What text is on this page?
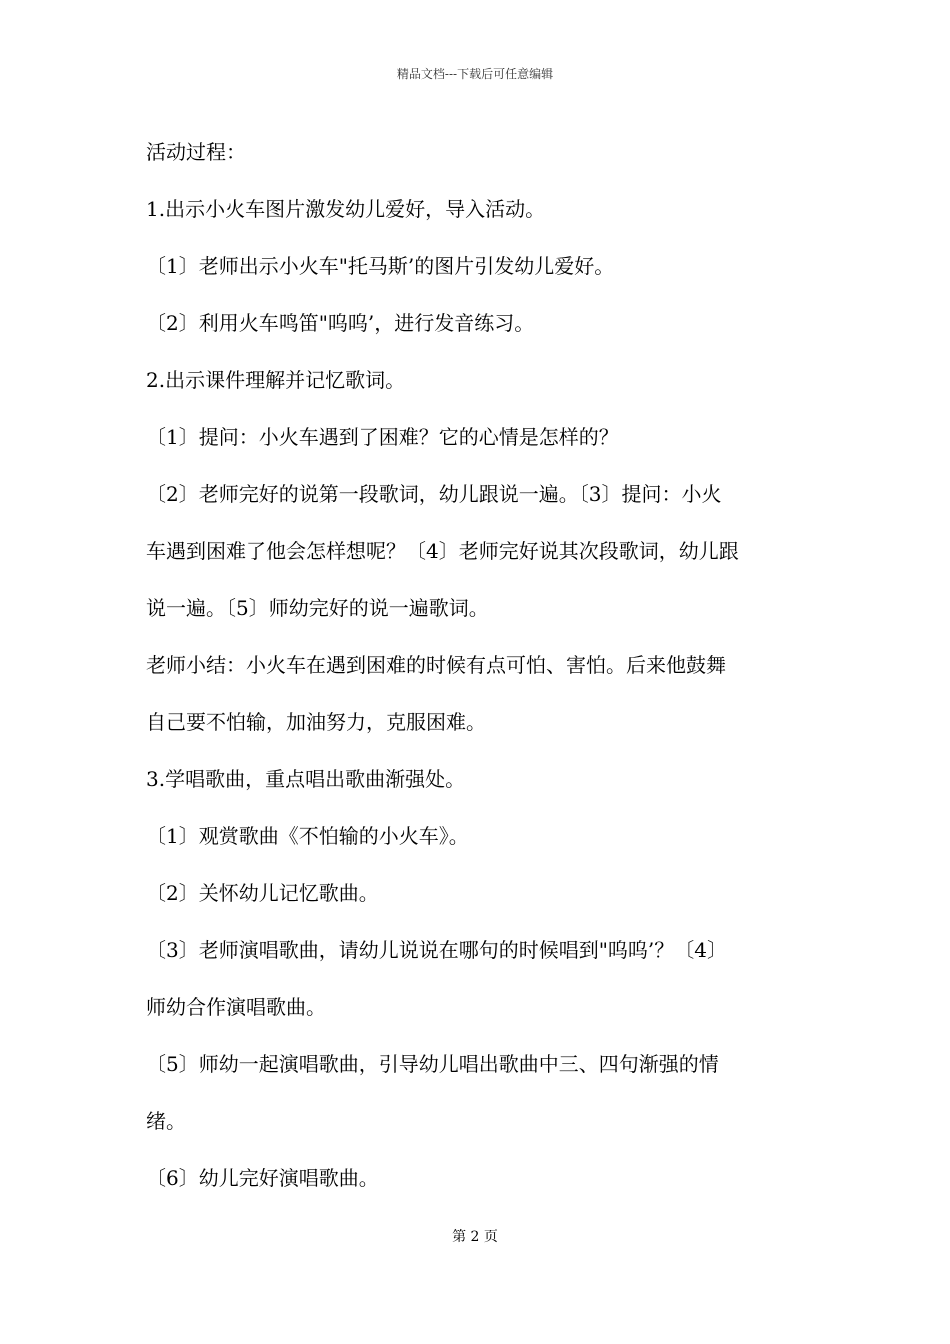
精品文档---下载后可任意编辑
活动过程：
1.出示小火车图片激发幼儿爱好，导入活动。
〔1〕老师出示小火车"托马斯’的图片引发幼儿爱好。
〔2〕利用火车鸣笛"呜呜’，进行发音练习。
2.出示课件理解并记忆歌词。
〔1〕提问：小火车遇到了困难？它的心情是怎样的？
〔2〕老师完好的说第一段歌词，幼儿跟说一遍。〔3〕提问：小火
车遇到困难了他会怎样想呢？〔4〕老师完好说其次段歌词，幼儿跟
说一遍。〔5〕师幼完好的说一遍歌词。
老师小结：小火车在遇到困难的时候有点可怕、害怕。后来他鼓舞
自己要不怕输，加油努力，克服困难。
3.学唱歌曲，重点唱出歌曲渐强处。
〔1〕观赏歌曲《不怕输的小火车》。
〔2〕关怀幼儿记忆歌曲。
〔3〕老师演唱歌曲，请幼儿说说在哪句的时候唱到"呜呜’？〔4〕
师幼合作演唱歌曲。
〔5〕师幼一起演唱歌曲，引导幼儿唱出歌曲中三、四句渐强的情
绪。
〔6〕幼儿完好演唱歌曲。
第 2 页
